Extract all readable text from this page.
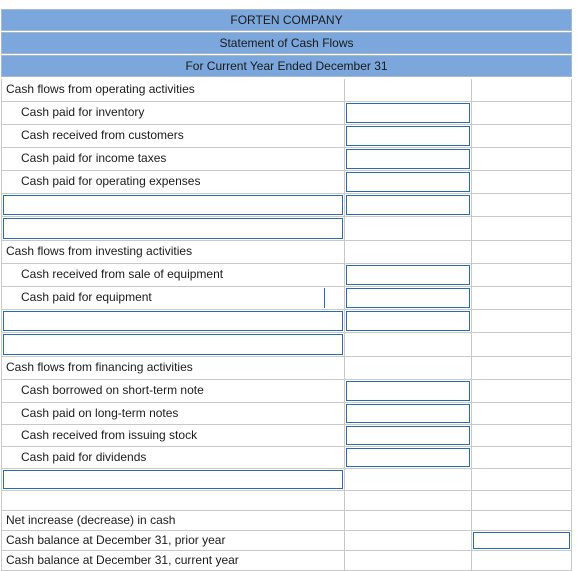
FORTEN COMPANY
Statement of Cash Flows
For Current Year Ended December 31
Cash flows from operating activities
Cash paid for inventory
Cash received from customers
Cash paid for income taxes
Cash paid for operating expenses
Cash flows from investing activities
Cash received from sale of equipment
Cash paid for equipment
Cash flows from financing activities
Cash borrowed on short-term note
Cash paid on long-term notes
Cash received from issuing stock
Cash paid for dividends
Net increase (decrease) in cash
Cash balance at December 31, prior year
Cash balance at December 31, current year
